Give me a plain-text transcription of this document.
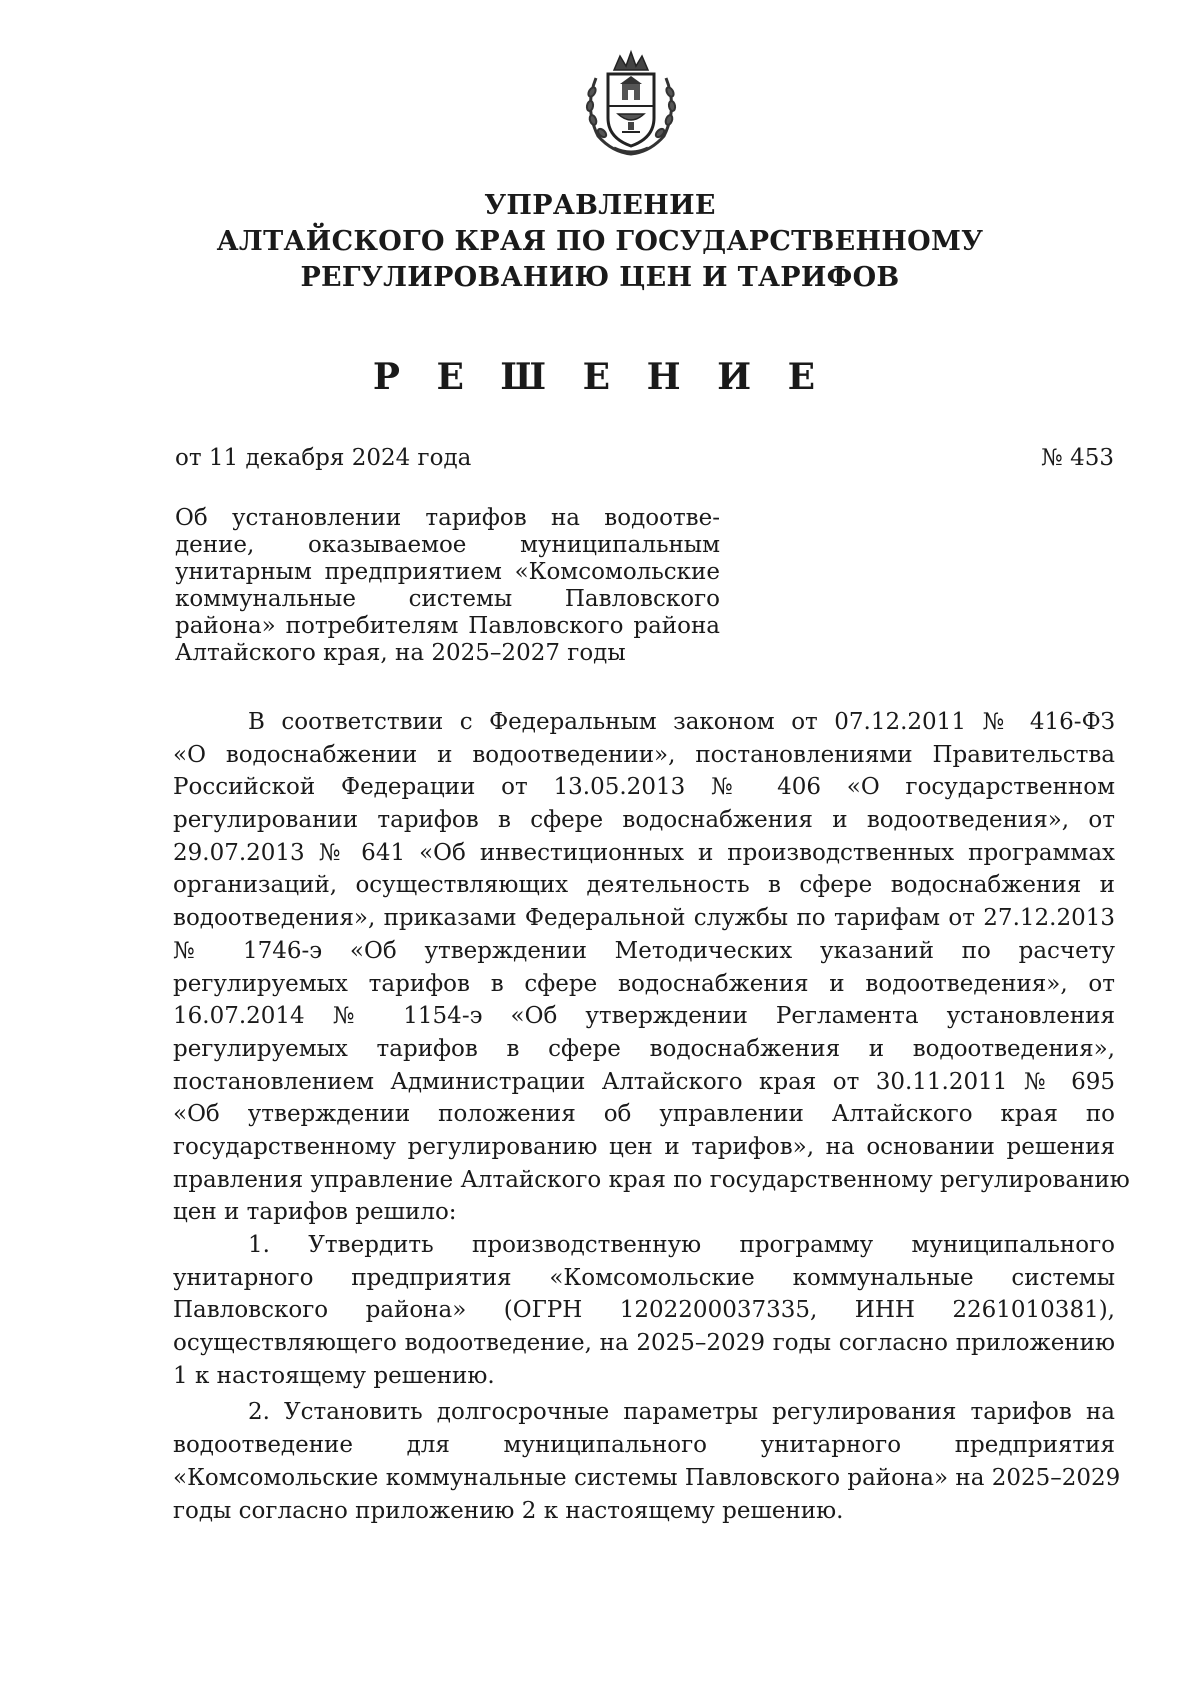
УПРАВЛЕНИЕ
АЛТАЙСКОГО КРАЯ ПО ГОСУДАРСТВЕННОМУ
РЕГУЛИРОВАНИЮ ЦЕН И ТАРИФОВ
Р Е Ш Е Н И Е
от 11 декабря 2024 года	№ 453
Об установлении тарифов на водоотве-
дение, оказываемое муниципальным
унитарным предприятием «Комсомольские
коммунальные системы Павловского
района» потребителям Павловского района
Алтайского края, на 2025–2027 годы
В соответствии с Федеральным законом от 07.12.2011 № 416-ФЗ
«О водоснабжении и водоотведении», постановлениями Правительства
Российской Федерации от 13.05.2013 № 406 «О государственном
регулировании тарифов в сфере водоснабжения и водоотведения», от
29.07.2013 № 641 «Об инвестиционных и производственных программах
организаций, осуществляющих деятельность в сфере водоснабжения и
водоотведения», приказами Федеральной службы по тарифам от 27.12.2013
№ 1746-э «Об утверждении Методических указаний по расчету
регулируемых тарифов в сфере водоснабжения и водоотведения», от
16.07.2014 № 1154-э «Об утверждении Регламента установления
регулируемых тарифов в сфере водоснабжения и водоотведения»,
постановлением Администрации Алтайского края от 30.11.2011 № 695
«Об утверждении положения об управлении Алтайского края по
государственному регулированию цен и тарифов», на основании решения
правления управление Алтайского края по государственному регулированию
цен и тарифов решило:
1. Утвердить производственную программу муниципального
унитарного предприятия «Комсомольские коммунальные системы
Павловского района» (ОГРН 1202200037335, ИНН 2261010381),
осуществляющего водоотведение, на 2025–2029 годы согласно приложению
1 к настоящему решению.
2. Установить долгосрочные параметры регулирования тарифов на
водоотведение для муниципального унитарного предприятия
«Комсомольские коммунальные системы Павловского района» на 2025–2029
годы согласно приложению 2 к настоящему решению.
